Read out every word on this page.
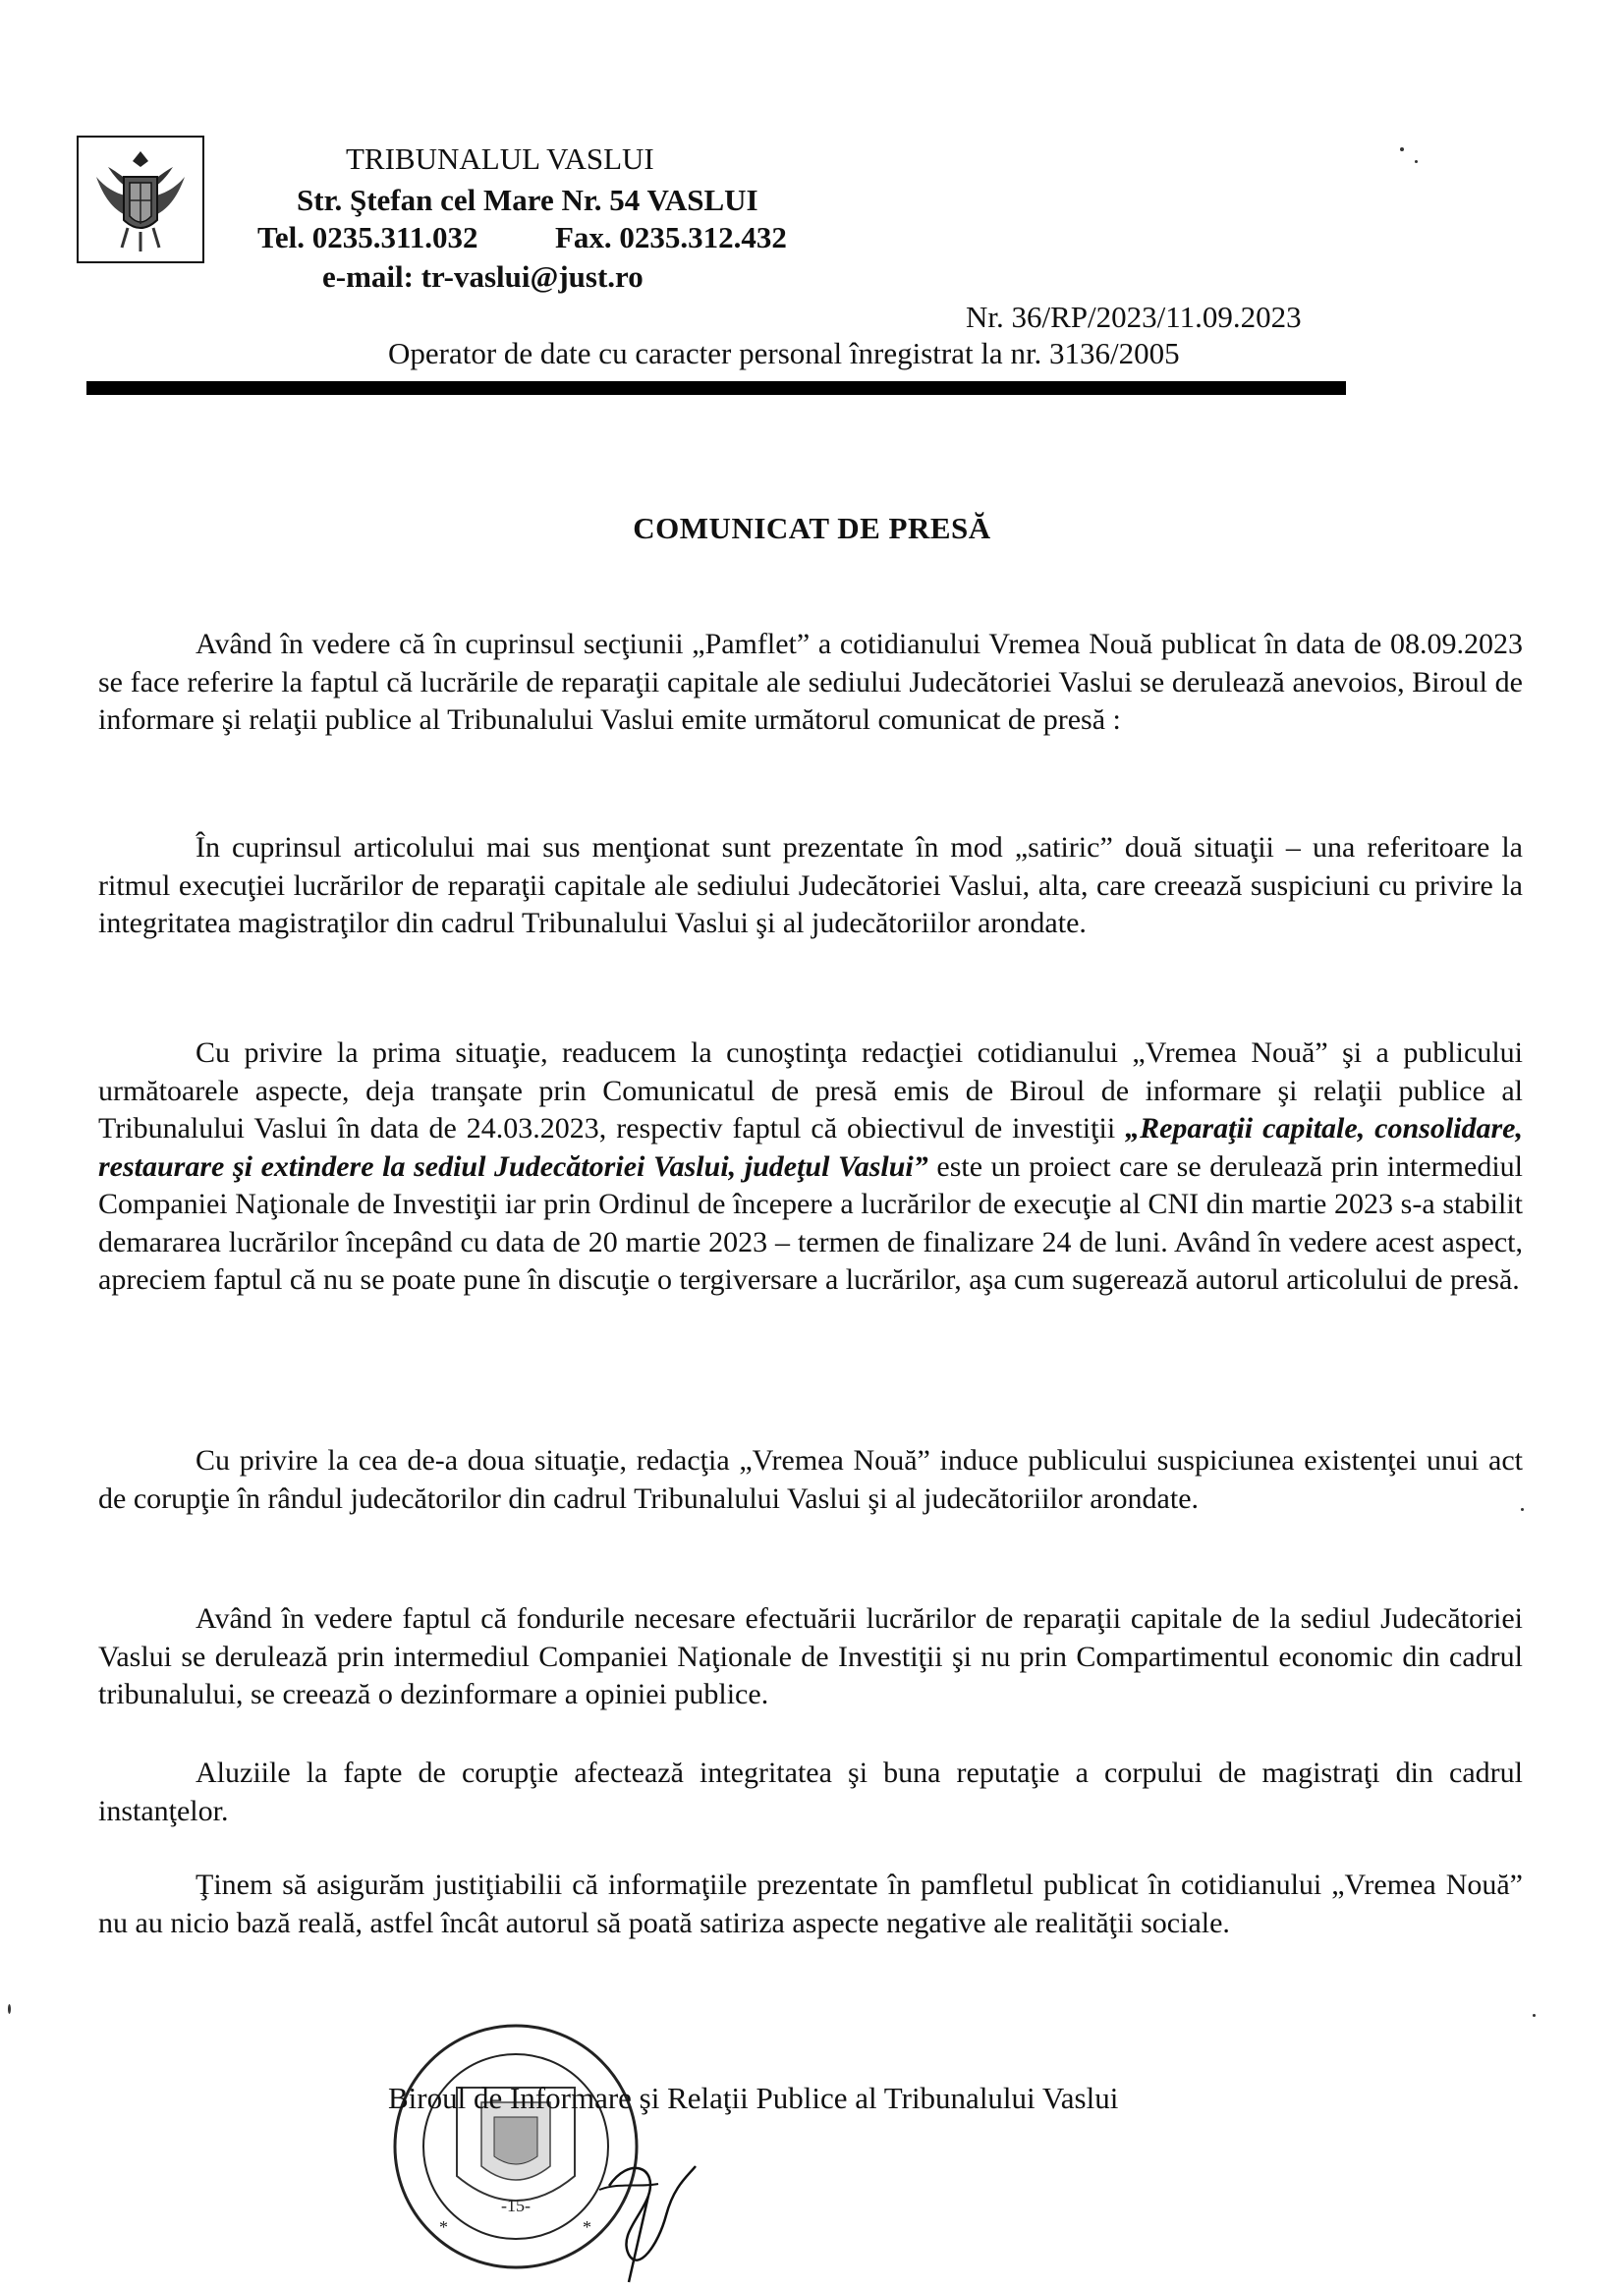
TRIBUNALUL VASLUI
Str. Ştefan cel Mare Nr. 54 VASLUI
Tel. 0235.311.032	Fax. 0235.312.432
e-mail: tr-vaslui@just.ro
Nr. 36/RP/2023/11.09.2023
Operator de date cu caracter personal înregistrat la nr. 3136/2005
COMUNICAT DE PRESĂ
Având în vedere că în cuprinsul secţiunii „Pamflet” a cotidianului Vremea Nouă publicat în data de 08.09.2023 se face referire la faptul că lucrările de reparaţii capitale ale sediului Judecătoriei Vaslui se derulează anevoios, Biroul de informare şi relaţii publice al Tribunalului Vaslui emite următorul comunicat de presă :
În cuprinsul articolului mai sus menţionat sunt prezentate în mod „satiric” două situaţii – una referitoare la ritmul execuţiei lucrărilor de reparaţii capitale ale sediului Judecătoriei Vaslui, alta, care creează suspiciuni cu privire la integritatea magistraţilor din cadrul Tribunalului Vaslui şi al judecătoriilor arondate.
Cu privire la prima situaţie, readucem la cunoştinţa redacţiei cotidianului „Vremea Nouă” şi a publicului următoarele aspecte, deja tranşate prin Comunicatul de presă emis de Biroul de informare şi relaţii publice al Tribunalului Vaslui în data de 24.03.2023, respectiv faptul că obiectivul de investiţii „Reparaţii capitale, consolidare, restaurare şi extindere la sediul Judecătoriei Vaslui, judeţul Vaslui” este un proiect care se derulează prin intermediul Companiei Naţionale de Investiţii iar prin Ordinul de începere a lucrărilor de execuţie al CNI din martie 2023 s-a stabilit demararea lucrărilor începând cu data de 20 martie 2023 – termen de finalizare 24 de luni. Având în vedere acest aspect, apreciem faptul că nu se poate pune în discuţie o tergiversare a lucrărilor, aşa cum sugerează autorul articolului de presă.
Cu privire la cea de-a doua situaţie, redacţia „Vremea Nouă” induce publicului suspiciunea existenţei unui act de corupţie în rândul judecătorilor din cadrul Tribunalului Vaslui şi al judecătoriilor arondate.
Având în vedere faptul că fondurile necesare efectuării lucrărilor de reparaţii capitale de la sediul Judecătoriei Vaslui se derulează prin intermediul Companiei Naţionale de Investiţii şi nu prin Compartimentul economic din cadrul tribunalului, se creează o dezinformare a opiniei publice.
Aluziile la fapte de corupţie afectează integritatea şi buna reputaţie a corpului de magistraţi din cadrul instanţelor.
Ţinem să asigurăm justiţiabilii că informaţiile prezentate în pamfletul publicat în cotidianului „Vremea Nouă” nu au nicio bază reală, astfel încât autorul să poată satiriza aspecte negative ale realităţii sociale.
-15-
*	*
Biroul de Informare şi Relaţii Publice al Tribunalului Vaslui
